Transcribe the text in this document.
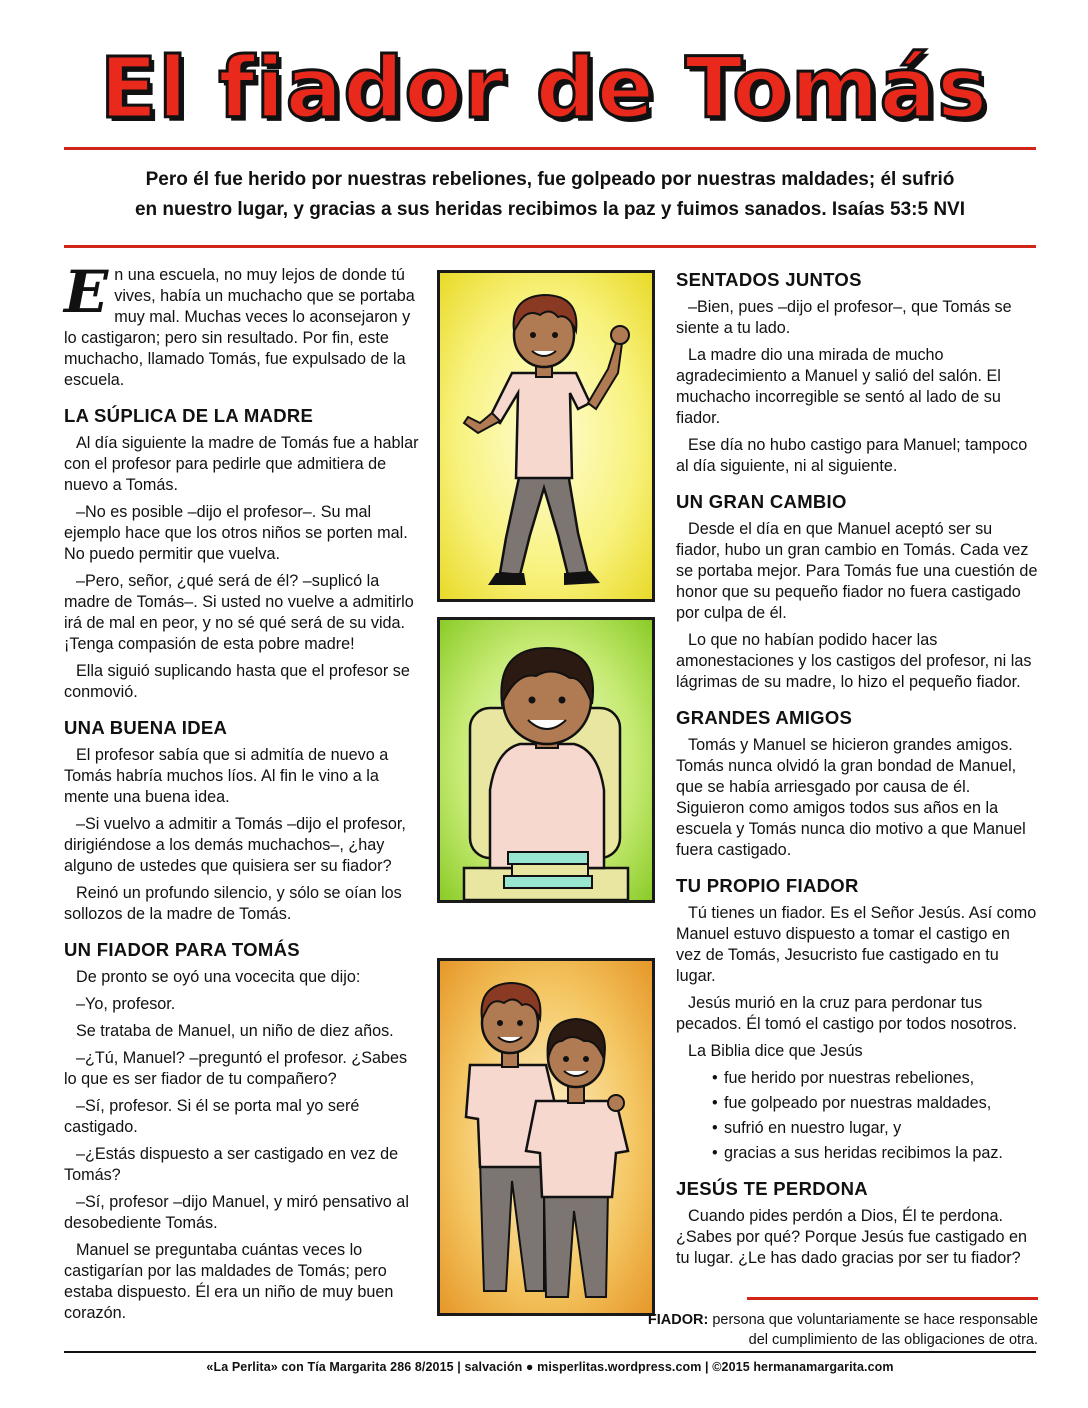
El fiador de Tomás
Pero él fue herido por nuestras rebeliones, fue golpeado por nuestras maldades; él sufrió
en nuestro lugar, y gracias a sus heridas recibimos la paz y fuimos sanados. Isaías 53:5 NVI

En una escuela, no muy lejos de donde tú vives, había un muchacho que se portaba muy mal. Muchas veces lo aconsejaron y lo castigaron; pero sin resultado. Por fin, este muchacho, llamado Tomás, fue expulsado de la escuela.

LA SÚPLICA DE LA MADRE

Al día siguiente la madre de Tomás fue a hablar con el profesor para pedirle que admitiera de nuevo a Tomás.

–No es posible –dijo el profesor–. Su mal ejemplo hace que los otros niños se porten mal. No puedo permitir que vuelva.

–Pero, señor, ¿qué será de él? –suplicó la madre de Tomás–. Si usted no vuelve a admitirlo irá de mal en peor, y no sé qué será de su vida. ¡Tenga compasión de esta pobre madre!

Ella siguió suplicando hasta que el profesor se conmovió.

UNA BUENA IDEA

El profesor sabía que si admitía de nuevo a Tomás habría muchos líos. Al fin le vino a la mente una buena idea.

–Si vuelvo a admitir a Tomás –dijo el profesor, dirigiéndose a los demás muchachos–, ¿hay alguno de ustedes que quisiera ser su fiador?

Reinó un profundo silencio, y sólo se oían los sollozos de la madre de Tomás.

UN FIADOR PARA TOMÁS

De pronto se oyó una vocecita que dijo:

–Yo, profesor.

Se trataba de Manuel, un niño de diez años.

–¿Tú, Manuel? –preguntó el profesor. ¿Sabes lo que es ser fiador de tu compañero?

–Sí, profesor. Si él se porta mal yo seré castigado.

–¿Estás dispuesto a ser castigado en vez de Tomás?

–Sí, profesor –dijo Manuel, y miró pensativo al desobediente Tomás.

Manuel se preguntaba cuántas veces lo castigarían por las maldades de Tomás; pero estaba dispuesto. Él era un niño de muy buen corazón.

SENTADOS JUNTOS

–Bien, pues –dijo el profesor–, que Tomás se siente a tu lado.

La madre dio una mirada de mucho agradecimiento a Manuel y salió del salón. El muchacho incorregible se sentó al lado de su fiador.

Ese día no hubo castigo para Manuel; tampoco al día siguiente, ni al siguiente.

UN GRAN CAMBIO

Desde el día en que Manuel aceptó ser su fiador, hubo un gran cambio en Tomás. Cada vez se portaba mejor. Para Tomás fue una cuestión de honor que su pequeño fiador no fuera castigado por culpa de él.

Lo que no habían podido hacer las amonestaciones y los castigos del profesor, ni las lágrimas de su madre, lo hizo el pequeño fiador.

GRANDES AMIGOS

Tomás y Manuel se hicieron grandes amigos. Tomás nunca olvidó la gran bondad de Manuel, que se había arriesgado por causa de él. Siguieron como amigos todos sus años en la escuela y Tomás nunca dio motivo a que Manuel fuera castigado.

TU PROPIO FIADOR

Tú tienes un fiador. Es el Señor Jesús. Así como Manuel estuvo dispuesto a tomar el castigo en vez de Tomás, Jesucristo fue castigado en tu lugar.

Jesús murió en la cruz para perdonar tus pecados. Él tomó el castigo por todos nosotros.

La Biblia dice que Jesús

• fue herido por nuestras rebeliones,
• fue golpeado por nuestras maldades,
• sufrió en nuestro lugar, y
• gracias a sus heridas recibimos la paz.
JESÚS TE PERDONA

Cuando pides perdón a Dios, Él te perdona. ¿Sabes por qué? Porque Jesús fue castigado en tu lugar. ¿Le has dado gracias por ser tu fiador?

FIADOR: persona que voluntariamente se hace responsable
del cumplimiento de las obligaciones de otra.
«La Perlita» con Tía Margarita 286 8/2015 | salvación ● misperlitas.wordpress.com | ©2015 hermanamargarita.com
